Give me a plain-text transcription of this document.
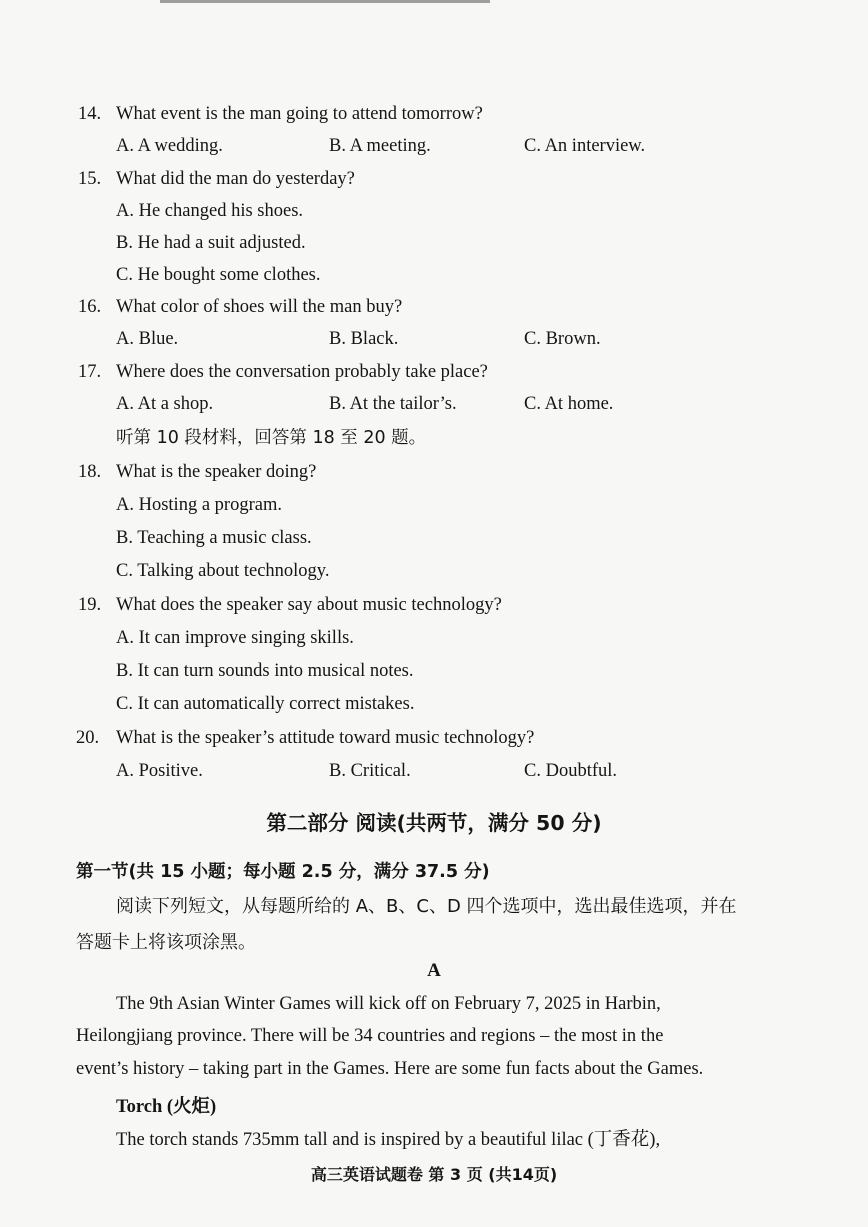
14. What event is the man going to attend tomorrow?
A. A wedding.	B. A meeting.	C. An interview.
15. What did the man do yesterday?
A. He changed his shoes.
B. He had a suit adjusted.
C. He bought some clothes.
16. What color of shoes will the man buy?
A. Blue.	B. Black.	C. Brown.
17. Where does the conversation probably take place?
A. At a shop.	B. At the tailor’s.	C. At home.
听第 10 段材料，回答第 18 至 20 题。
18. What is the speaker doing?
A. Hosting a program.
B. Teaching a music class.
C. Talking about technology.
19. What does the speaker say about music technology?
A. It can improve singing skills.
B. It can turn sounds into musical notes.
C. It can automatically correct mistakes.
20. What is the speaker’s attitude toward music technology?
A. Positive.	B. Critical.	C. Doubtful.
第二部分 阅读(共两节，满分 50 分)
第一节(共 15 小题；每小题 2.5 分，满分 37.5 分)
阅读下列短文，从每题所给的 A、B、C、D 四个选项中，选出最佳选项，并在
答题卡上将该项涂黑。
A
The 9th Asian Winter Games will kick off on February 7, 2025 in Harbin,
Heilongjiang province. There will be 34 countries and regions – the most in the
event’s history – taking part in the Games. Here are some fun facts about the Games.
Torch (火炬)
The torch stands 735mm tall and is inspired by a beautiful lilac (丁香花),
高三英语试题卷 第 3 页 (共14页)
